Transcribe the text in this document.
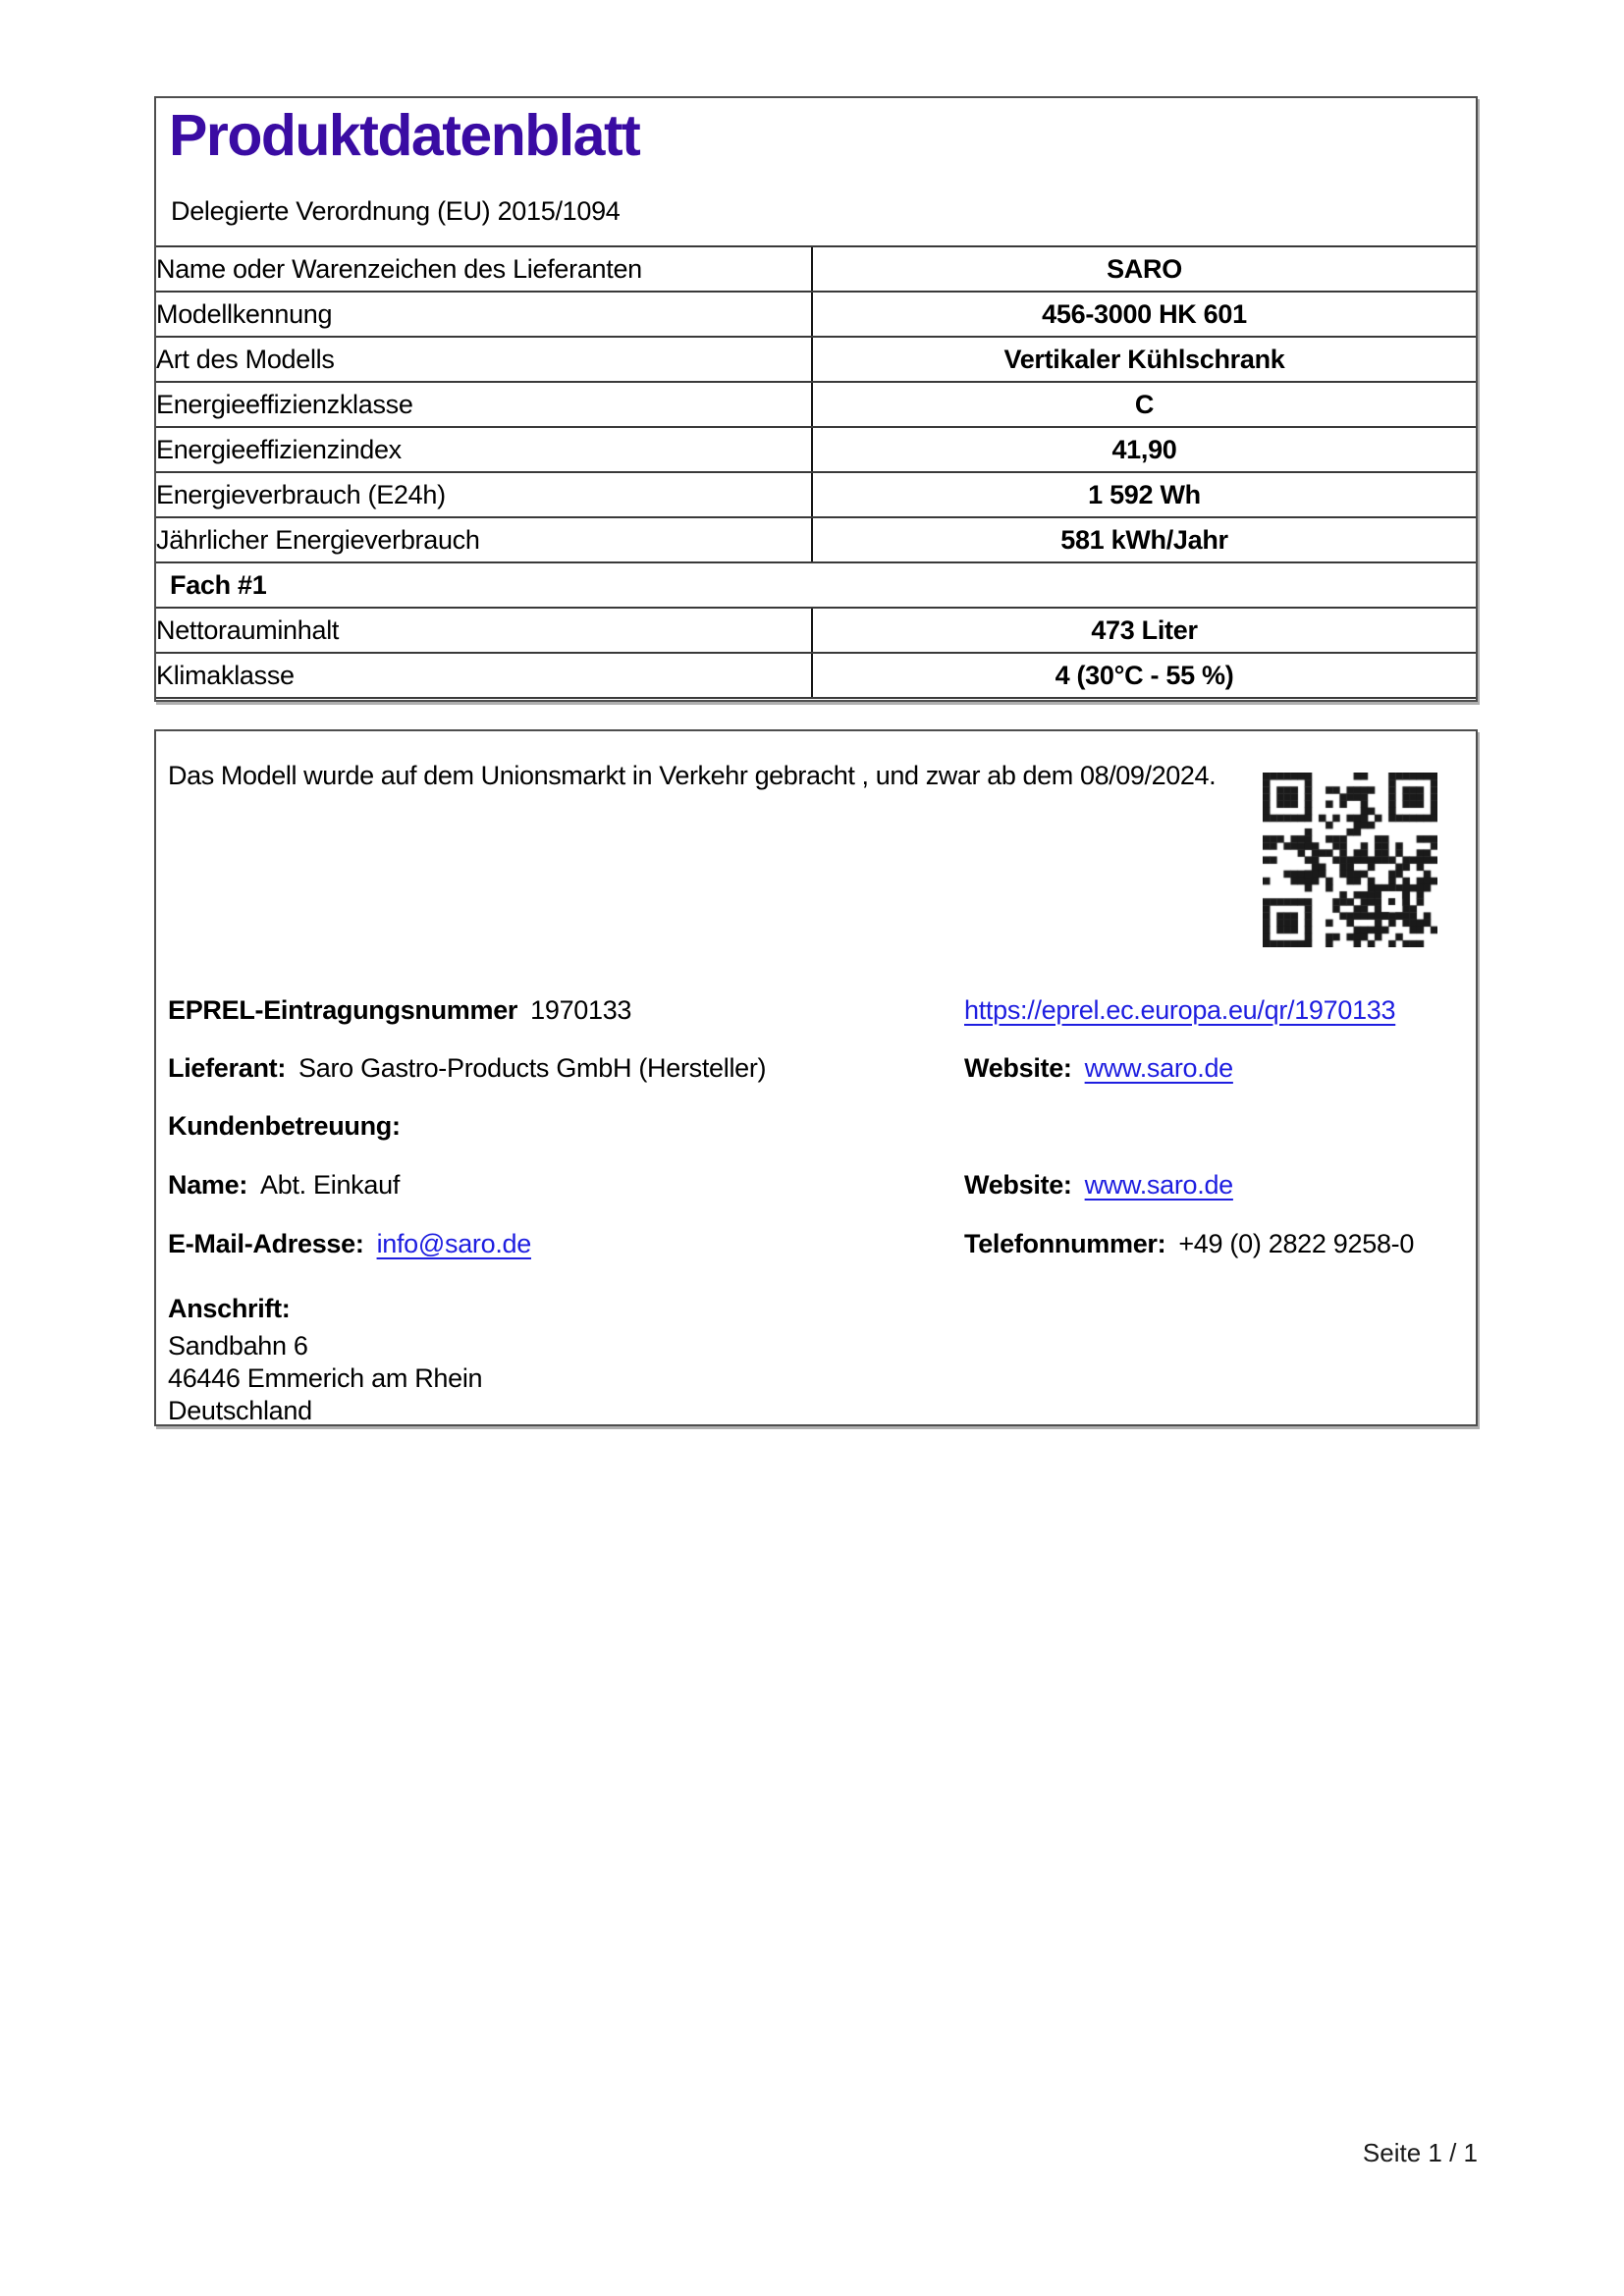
Produktdatenblatt
Delegierte Verordnung (EU) 2015/1094
Name oder Warenzeichen des Lieferanten	SARO
Modellkennung	456-3000 HK 601
Art des Modells	Vertikaler Kühlschrank
Energieeffizienzklasse	C
Energieeffizienzindex	41,90
Energieverbrauch (E24h)	1 592 Wh
Jährlicher Energieverbrauch	581 kWh/Jahr
Fach #1	
Nettorauminhalt	473 Liter
Klimaklasse	4 (30°C - 55 %)
Das Modell wurde auf dem Unionsmarkt in Verkehr gebracht , und zwar ab dem 08/09/2024.
EPREL-Eintragungsnummer 1970133	https://eprel.ec.europa.eu/qr/1970133
Lieferant: Saro Gastro-Products GmbH (Hersteller)	Website: www.saro.de
Kundenbetreuung:
Name: Abt. Einkauf	Website: www.saro.de
E-Mail-Adresse: info@saro.de	Telefonnummer: +49 (0) 2822 9258-0
Anschrift:
Sandbahn 6
46446 Emmerich am Rhein
Deutschland
Seite 1 / 1
